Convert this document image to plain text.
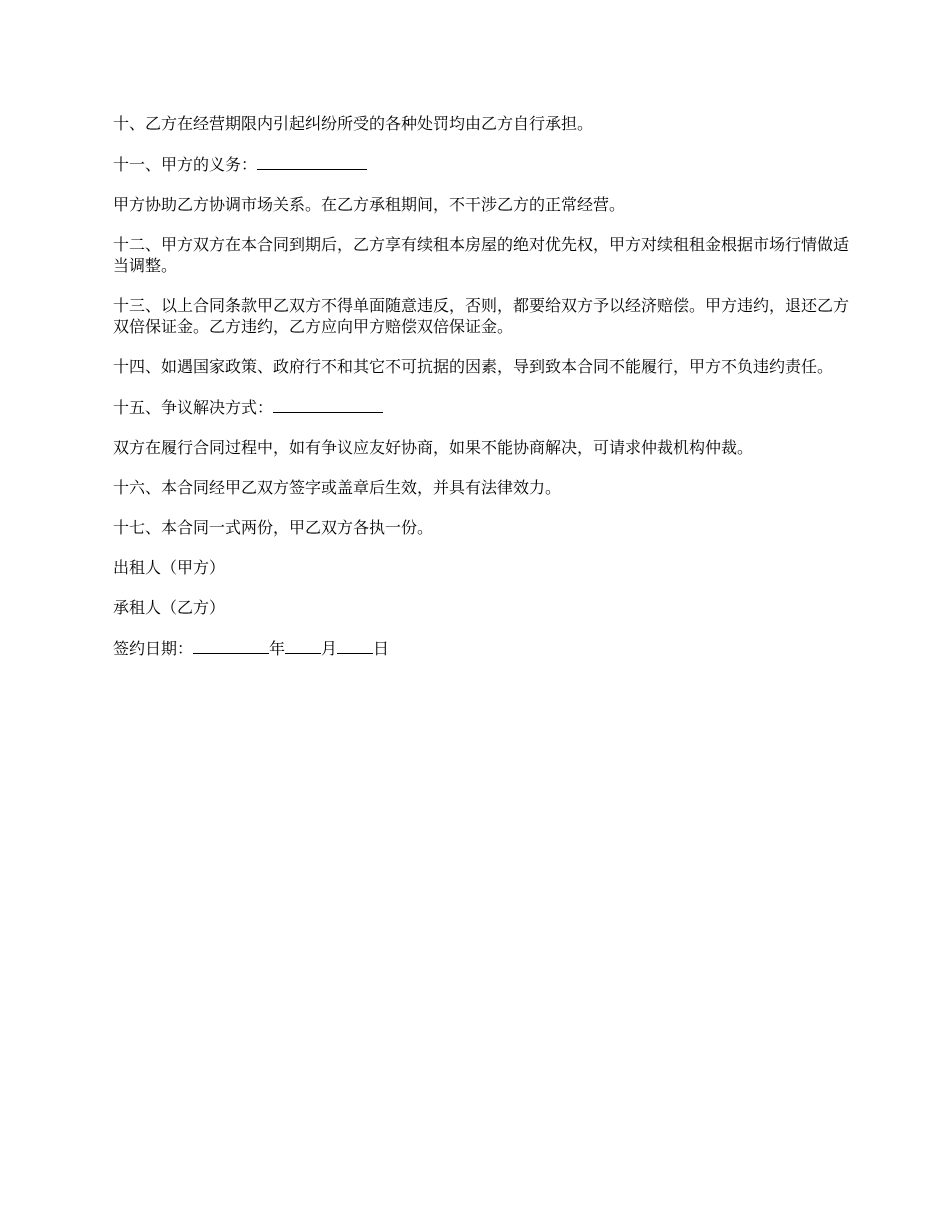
十、乙方在经营期限内引起纠纷所受的各种处罚均由乙方自行承担。

十一、甲方的义务：

甲方协助乙方协调市场关系。在乙方承租期间，不干涉乙方的正常经营。

十二、甲方双方在本合同到期后，乙方享有续租本房屋的绝对优先权，甲方对续租租金根据市场行情做适当调整。

十三、以上合同条款甲乙双方不得单面随意违反，否则，都要给双方予以经济赔偿。甲方违约，退还乙方双倍保证金。乙方违约，乙方应向甲方赔偿双倍保证金。

十四、如遇国家政策、政府行不和其它不可抗据的因素，导到致本合同不能履行，甲方不负违约责任。

十五、争议解决方式：

双方在履行合同过程中，如有争议应友好协商，如果不能协商解决，可请求仲裁机构仲裁。

十六、本合同经甲乙双方签字或盖章后生效，并具有法律效力。

十七、本合同一式两份，甲乙双方各执一份。

出租人（甲方）

承租人（乙方）

签约日期：	年 月 日
